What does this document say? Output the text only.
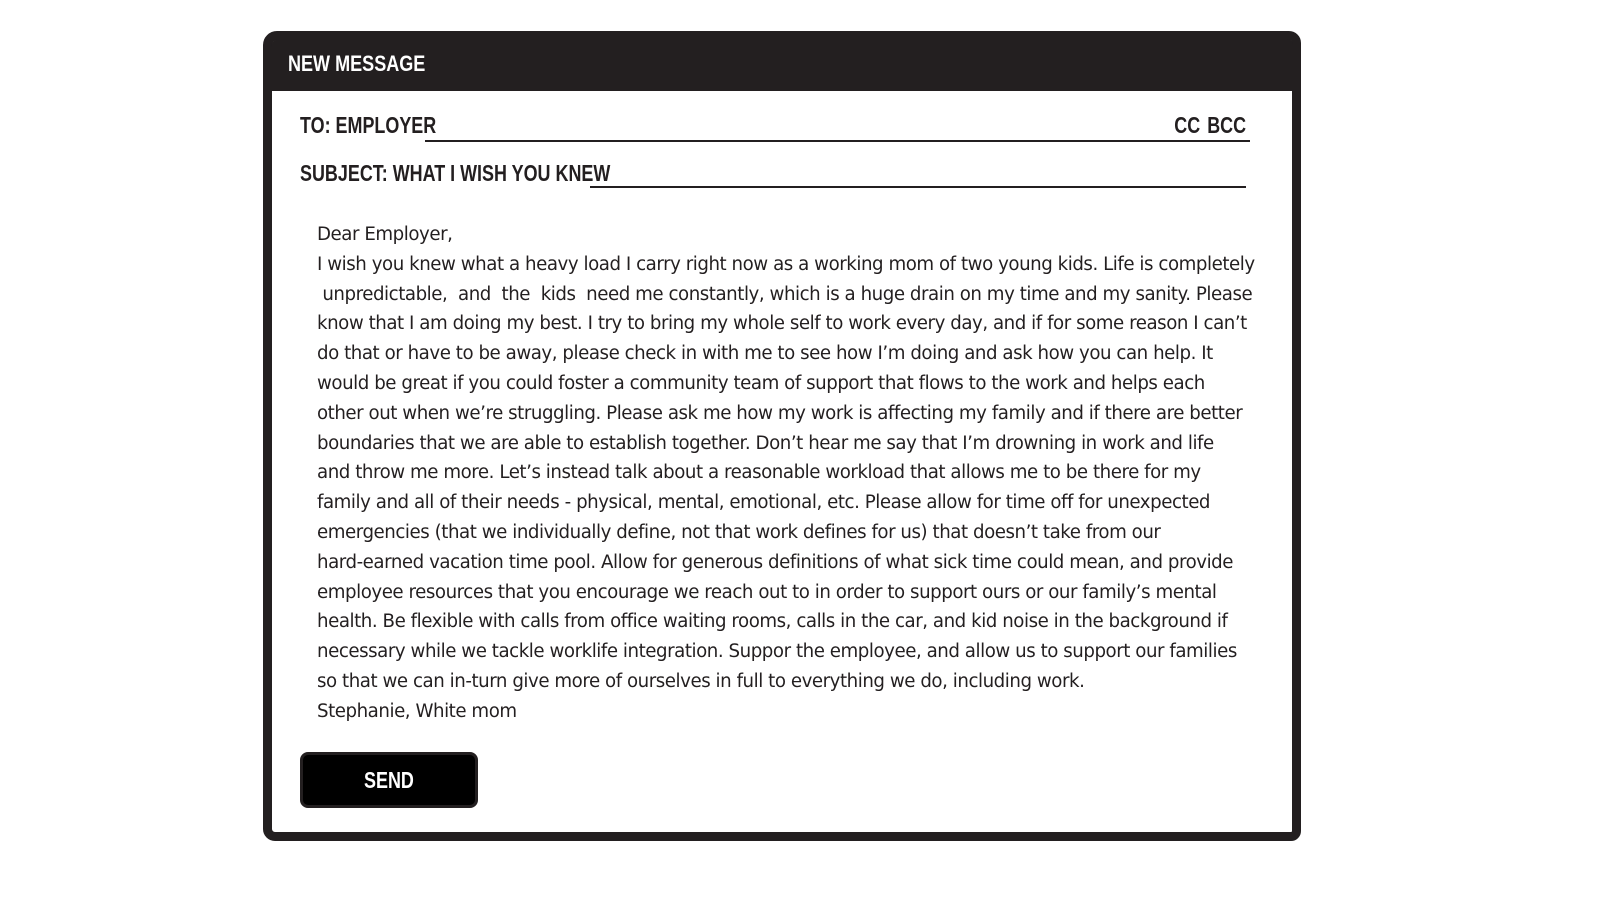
NEW MESSAGE
TO: EMPLOYER	CC BCC
SUBJECT: WHAT I WISH YOU KNEW
Dear Employer,
I wish you knew what a heavy load I carry right now as a working mom of two young kids. Life is completely
unpredictable,  and  the  kids  need me constantly, which is a huge drain on my time and my sanity. Please
know that I am doing my best. I try to bring my whole self to work every day, and if for some reason I can’t
do that or have to be away, please check in with me to see how I’m doing and ask how you can help. It
would be great if you could foster a community team of support that flows to the work and helps each
other out when we’re struggling. Please ask me how my work is affecting my family and if there are better
boundaries that we are able to establish together. Don’t hear me say that I’m drowning in work and life
and throw me more. Let’s instead talk about a reasonable workload that allows me to be there for my
family and all of their needs - physical, mental, emotional, etc. Please allow for time off for unexpected
emergencies (that we individually define, not that work defines for us) that doesn’t take from our
hard-earned vacation time pool. Allow for generous definitions of what sick time could mean, and provide
employee resources that you encourage we reach out to in order to support ours or our family’s mental
health. Be flexible with calls from office waiting rooms, calls in the car, and kid noise in the background if
necessary while we tackle worklife integration. Suppor the employee, and allow us to support our families
so that we can in-turn give more of ourselves in full to everything we do, including work.
Stephanie, White mom
SEND
